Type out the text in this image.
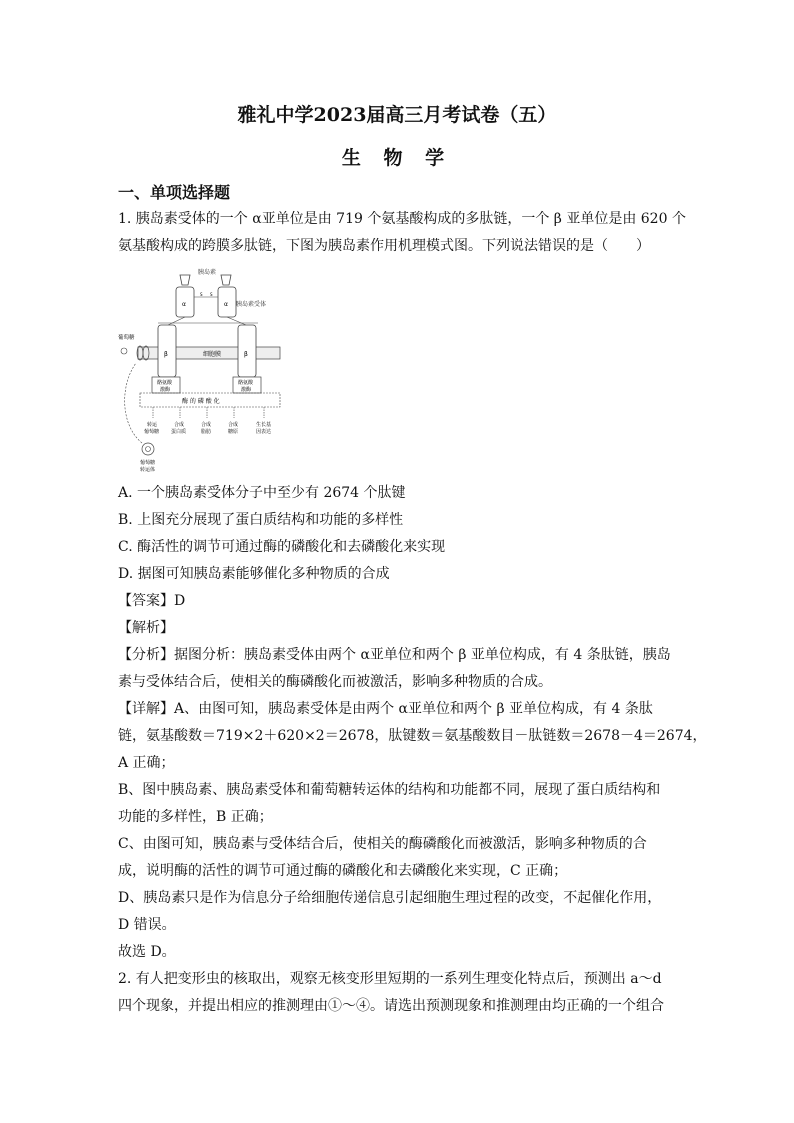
雅礼中学2023届高三月考试卷（五）
生 物 学
一、单项选择题
1. 胰岛素受体的一个 α亚单位是由 719 个氨基酸构成的多肽链，一个 β 亚单位是由 620 个
氨基酸构成的跨膜多肽链，下图为胰岛素作用机理模式图。下列说法错误的是（　　）
胰岛素
胰岛素受体
α	α
S S
细胞膜
β	β
酪氨酸
激酶
酪氨酸
激酶
酶 的 磷 酸 化
转运
葡萄糖
合成
蛋白质
合成
脂肪
合成
糖原
生长基
因表达
葡萄糖
葡萄糖
转运体
A. 一个胰岛素受体分子中至少有 2674 个肽键
B. 上图充分展现了蛋白质结构和功能的多样性
C. 酶活性的调节可通过酶的磷酸化和去磷酸化来实现
D. 据图可知胰岛素能够催化多种物质的合成
【答案】D
【解析】
【分析】据图分析：胰岛素受体由两个 α亚单位和两个 β 亚单位构成，有 4 条肽链，胰岛
素与受体结合后，使相关的酶磷酸化而被激活，影响多种物质的合成。
【详解】A、由图可知，胰岛素受体是由两个 α亚单位和两个 β 亚单位构成，有 4 条肽
链，氨基酸数＝719×2＋620×2＝2678，肽键数＝氨基酸数目－肽链数＝2678－4＝2674，
A 正确；
B、图中胰岛素、胰岛素受体和葡萄糖转运体的结构和功能都不同，展现了蛋白质结构和
功能的多样性，B 正确；
C、由图可知，胰岛素与受体结合后，使相关的酶磷酸化而被激活，影响多种物质的合
成，说明酶的活性的调节可通过酶的磷酸化和去磷酸化来实现，C 正确；
D、胰岛素只是作为信息分子给细胞传递信息引起细胞生理过程的改变，不起催化作用，
D 错误。
故选 D。
2. 有人把变形虫的核取出，观察无核变形里短期的一系列生理变化特点后，预测出 a～d
四个现象，并提出相应的推测理由①～④。请选出预测现象和推测理由均正确的一个组合
